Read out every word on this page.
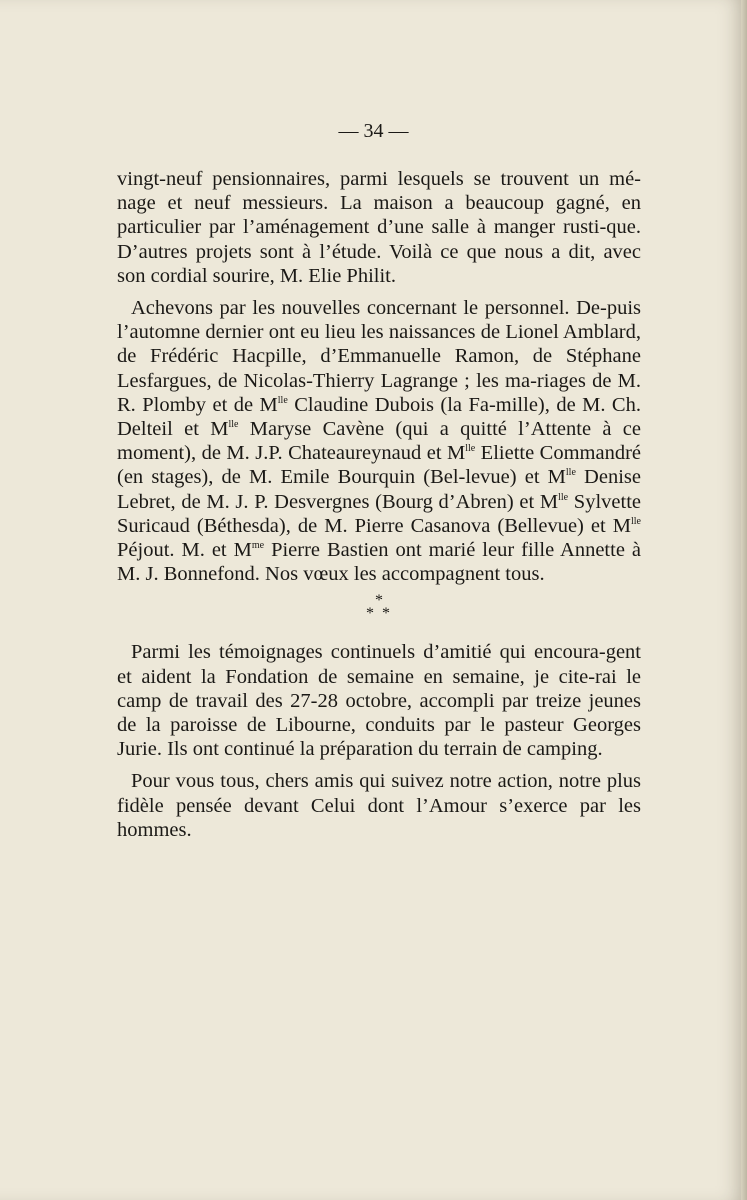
— 34 —

vingt-neuf pensionnaires, parmi lesquels se trouvent un mé-nage et neuf messieurs. La maison a beaucoup gagné, en particulier par l’aménagement d’une salle à manger rusti-que. D’autres projets sont à l’étude. Voilà ce que nous a dit, avec son cordial sourire, M. Elie Philit.

Achevons par les nouvelles concernant le personnel. De-puis l’automne dernier ont eu lieu les naissances de Lionel Amblard, de Frédéric Hacpille, d’Emmanuelle Ramon, de Stéphane Lesfargues, de Nicolas-Thierry Lagrange ; les ma-riages de M. R. Plomby et de $M^{lle}$ Claudine Dubois (la Fa-mille), de M. Ch. Delteil et $M^{lle}$ Maryse Cavène (qui a quitté l’Attente à ce moment), de M. J.P. Chateaureynaud et $M^{lle}$ Eliette Commandré (en stages), de M. Emile Bourquin (Bel-levue) et $M^{lle}$ Denise Lebret, de M. J. P. Desvergnes (Bourg d’Abren) et $M^{lle}$ Sylvette Suricaud (Béthesda), de M. Pierre Casanova (Bellevue) et $M^{lle}$ Péjout. M. et $M^{me}$ Pierre Bastien ont marié leur fille Annette à M. J. Bonnefond. Nos vœux les accompagnent tous.

*
* *

Parmi les témoignages continuels d’amitié qui encoura-gent et aident la Fondation de semaine en semaine, je cite-rai le camp de travail des 27-28 octobre, accompli par treize jeunes de la paroisse de Libourne, conduits par le pasteur Georges Jurie. Ils ont continué la préparation du terrain de camping.

Pour vous tous, chers amis qui suivez notre action, notre plus fidèle pensée devant Celui dont l’Amour s’exerce par les hommes.
